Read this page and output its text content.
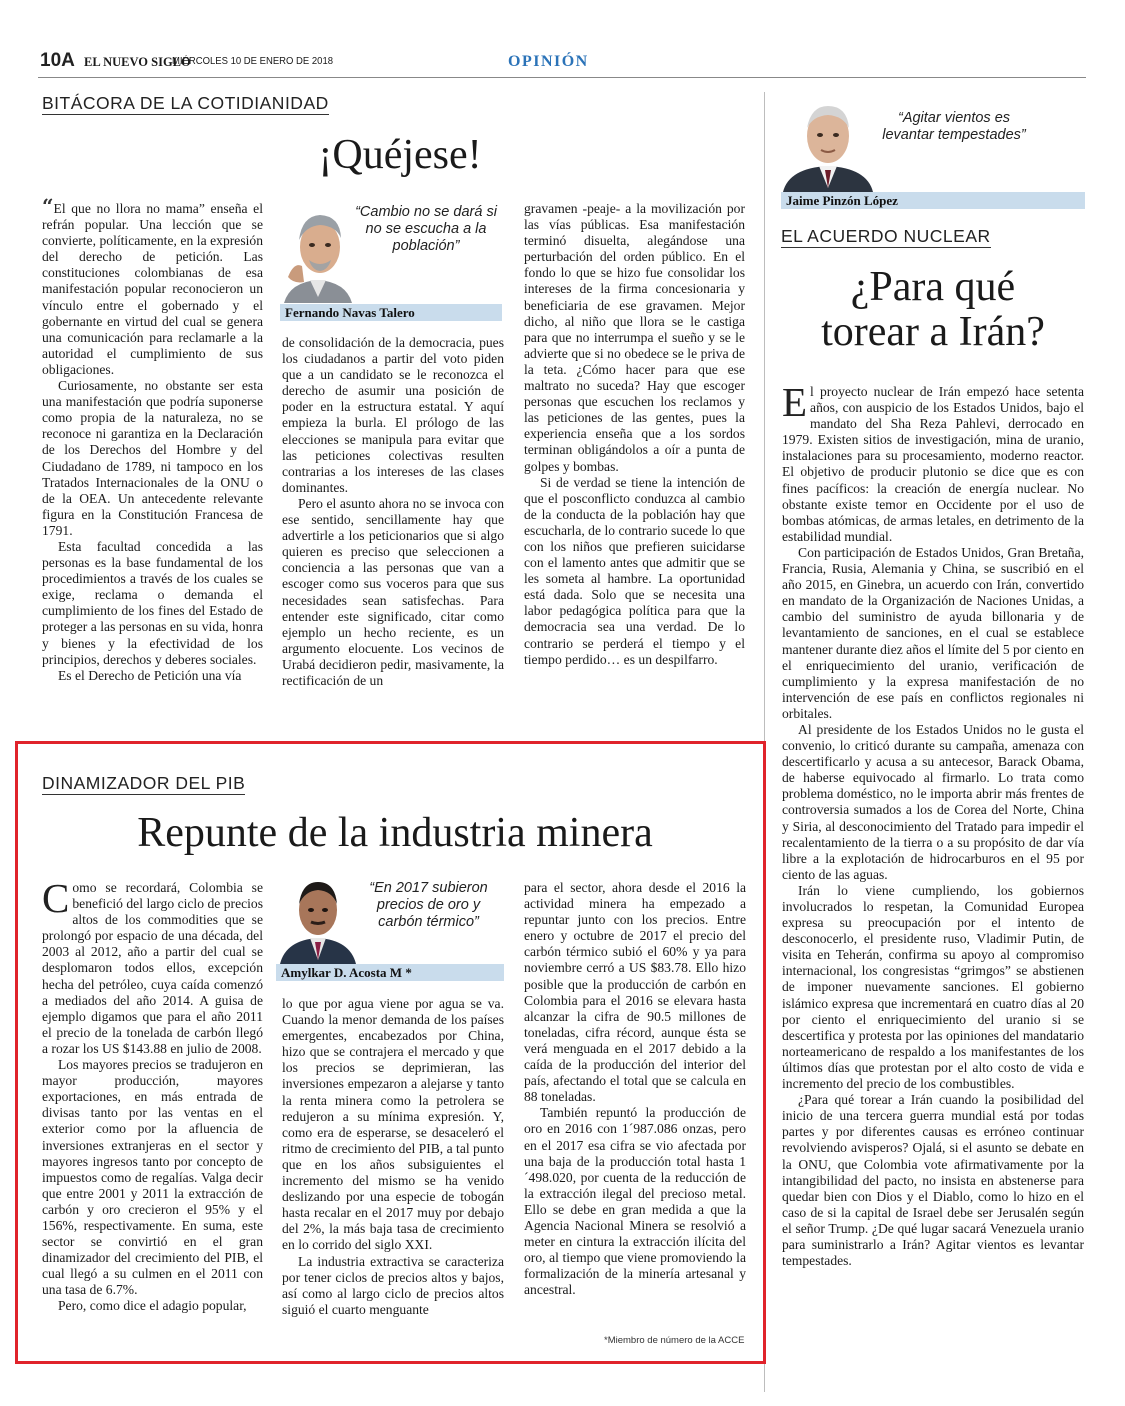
10A EL NUEVO SIGLO
MIÉRCOLES 10 DE ENERO DE 2018	OPINIÓN
BITÁCORA DE LA COTIDIANIDAD
¡Quéjese!
“Cambio no se dará si no se escucha a la población”
Fernando Navas Talero

“El que no llora no mama” enseña el refrán popular. Una lección que se convierte, políticamente, en la expresión del derecho de petición. Las constituciones colombianas de esa manifestación popular reconocieron un vínculo entre el gobernado y el gobernante en virtud del cual se genera una comunicación para reclamarle a la autoridad el cumplimiento de sus obligaciones.

Curiosamente, no obstante ser esta una manifestación que podría suponerse como propia de la naturaleza, no se reconoce ni garantiza en la Declaración de los Derechos del Hombre y del Ciudadano de 1789, ni tampoco en los Tratados Internacionales de la ONU o de la OEA. Un antecedente relevante figura en la Constitución Francesa de 1791.

Esta facultad concedida a las personas es la base fundamental de los procedimientos a través de los cuales se exige, reclama o demanda el cumplimiento de los fines del Estado de proteger a las personas en su vida, honra y bienes y la efectividad de los principios, derechos y deberes sociales.

Es el Derecho de Petición una vía

de consolidación de la democracia, pues los ciudadanos a partir del voto piden que a un candidato se le reconozca el derecho de asumir una posición de poder en la estructura estatal. Y aquí empieza la burla. El prólogo de las elecciones se manipula para evitar que las peticiones colectivas resulten contrarias a los intereses de las clases dominantes.

Pero el asunto ahora no se invoca con ese sentido, sencillamente hay que advertirle a los peticionarios que si algo quieren es preciso que seleccionen a conciencia a las personas que van a escoger como sus voceros para que sus necesidades sean satisfechas. Para entender este significado, citar como ejemplo un hecho reciente, es un argumento elocuente. Los vecinos de Urabá decidieron pedir, masivamente, la rectificación de un

gravamen -peaje- a la movilización por las vías públicas. Esa manifestación terminó disuelta, alegándose una perturbación del orden público. En el fondo lo que se hizo fue consolidar los intereses de la firma concesionaria y beneficiaria de ese gravamen. Mejor dicho, al niño que llora se le castiga para que no interrumpa el sueño y se le advierte que si no obedece se le priva de la teta. ¿Cómo hacer para que ese maltrato no suceda? Hay que escoger personas que escuchen los reclamos y las peticiones de las gentes, pues la experiencia enseña que a los sordos terminan obligándolos a oír a punta de golpes y bombas.

Si de verdad se tiene la intención de que el posconflicto conduzca al cambio de la conducta de la población hay que escucharla, de lo contrario sucede lo que con los niños que prefieren suicidarse con el lamento antes que admitir que se les someta al hambre. La oportunidad está dada. Solo que se necesita una labor pedagógica política para que la democracia sea una verdad. De lo contrario se perderá el tiempo y el tiempo perdido… es un despilfarro.

“Agitar vientos es levantar tempestades”
Jaime Pinzón López
EL ACUERDO NUCLEAR
¿Para qué
torear a Irán?

El proyecto nuclear de Irán empezó hace setenta años, con auspicio de los Estados Unidos, bajo el mandato del Sha Reza Pahlevi, derrocado en 1979. Existen sitios de investigación, mina de uranio, instalaciones para su procesamiento, moderno reactor. El objetivo de producir plutonio se dice que es con fines pacíficos: la creación de energía nuclear. No obstante existe temor en Occidente por el uso de bombas atómicas, de armas letales, en detrimento de la estabilidad mundial.

Con participación de Estados Unidos, Gran Bretaña, Francia, Rusia, Alemania y China, se suscribió en el año 2015, en Ginebra, un acuerdo con Irán, convertido en mandato de la Organización de Naciones Unidas, a cambio del suministro de ayuda billonaria y de levantamiento de sanciones, en el cual se establece mantener durante diez años el límite del 5 por ciento en el enriquecimiento del uranio, verificación de cumplimiento y la expresa manifestación de no intervención de ese país en conflictos regionales ni orbitales.

Al presidente de los Estados Unidos no le gusta el convenio, lo criticó durante su campaña, amenaza con descertificarlo y acusa a su antecesor, Barack Obama, de haberse equivocado al firmarlo. Lo trata como problema doméstico, no le importa abrir más frentes de controversia sumados a los de Corea del Norte, China y Siria, al desconocimiento del Tratado para impedir el recalentamiento de la tierra o a su propósito de dar vía libre a la explotación de hidrocarburos en el 95 por ciento de las aguas.

Irán lo viene cumpliendo, los gobiernos involucrados lo respetan, la Comunidad Europea expresa su preocupación por el intento de desconocerlo, el presidente ruso, Vladimir Putin, de visita en Teherán, confirma su apoyo al compromiso internacional, los congresistas “grimgos” se abstienen de imponer nuevamente sanciones. El gobierno islámico expresa que incrementará en cuatro días al 20 por ciento el enriquecimiento del uranio si se descertifica y protesta por las opiniones del mandatario norteamericano de respaldo a los manifestantes de los últimos días que protestan por el alto costo de vida e incremento del precio de los combustibles.

¿Para qué torear a Irán cuando la posibilidad del inicio de una tercera guerra mundial está por todas partes y por diferentes causas es erróneo continuar revolviendo avisperos? Ojalá, si el asunto se debate en la ONU, que Colombia vote afirmativamente por la intangibilidad del pacto, no insista en abstenerse para quedar bien con Dios y el Diablo, como lo hizo en el caso de si la capital de Israel debe ser Jerusalén según el señor Trump. ¿De qué lugar sacará Venezuela uranio para suministrarlo a Irán? Agitar vientos es levantar tempestades.

DINAMIZADOR DEL PIB
Repunte de la industria minera
“En 2017 subieron precios de oro y carbón térmico”
Amylkar D. Acosta M *

Como se recordará, Colombia se benefició del largo ciclo de precios altos de los commodities que se prolongó por espacio de una década, del 2003 al 2012, año a partir del cual se desplomaron todos ellos, excepción hecha del petróleo, cuya caída comenzó a mediados del año 2014. A guisa de ejemplo digamos que para el año 2011 el precio de la tonelada de carbón llegó a rozar los US $143.88 en julio de 2008.

Los mayores precios se tradujeron en mayor producción, mayores exportaciones, en más entrada de divisas tanto por las ventas en el exterior como por la afluencia de inversiones extranjeras en el sector y mayores ingresos tanto por concepto de impuestos como de regalías. Valga decir que entre 2001 y 2011 la extracción de carbón y oro crecieron el 95% y el 156%, respectivamente. En suma, este sector se convirtió en el gran dinamizador del crecimiento del PIB, el cual llegó a su culmen en el 2011 con una tasa de 6.7%.

Pero, como dice el adagio popular,

lo que por agua viene por agua se va. Cuando la menor demanda de los países emergentes, encabezados por China, hizo que se contrajera el mercado y que los precios se deprimieran, las inversiones empezaron a alejarse y tanto la renta minera como la petrolera se redujeron a su mínima expresión. Y, como era de esperarse, se desaceleró el ritmo de crecimiento del PIB, a tal punto que en los años subsiguientes el incremento del mismo se ha venido deslizando por una especie de tobogán hasta recalar en el 2017 muy por debajo del 2%, la más baja tasa de crecimiento en lo corrido del siglo XXI.

La industria extractiva se caracteriza por tener ciclos de precios altos y bajos, así como al largo ciclo de precios altos siguió el cuarto menguante

para el sector, ahora desde el 2016 la actividad minera ha empezado a repuntar junto con los precios. Entre enero y octubre de 2017 el precio del carbón térmico subió el 60% y ya para noviembre cerró a US $83.78. Ello hizo posible que la producción de carbón en Colombia para el 2016 se elevara hasta alcanzar la cifra de 90.5 millones de toneladas, cifra récord, aunque ésta se verá menguada en el 2017 debido a la caída de la producción del interior del país, afectando el total que se calcula en 88 toneladas.

También repuntó la producción de oro en 2016 con 1´987.086 onzas, pero en el 2017 esa cifra se vio afectada por una baja de la producción total hasta 1´498.020, por cuenta de la reducción de la extracción ilegal del precioso metal. Ello se debe en gran medida a que la Agencia Nacional Minera se resolvió a meter en cintura la extracción ilícita del oro, al tiempo que viene promoviendo la formalización de la minería artesanal y ancestral.

*Miembro de número de la ACCE
